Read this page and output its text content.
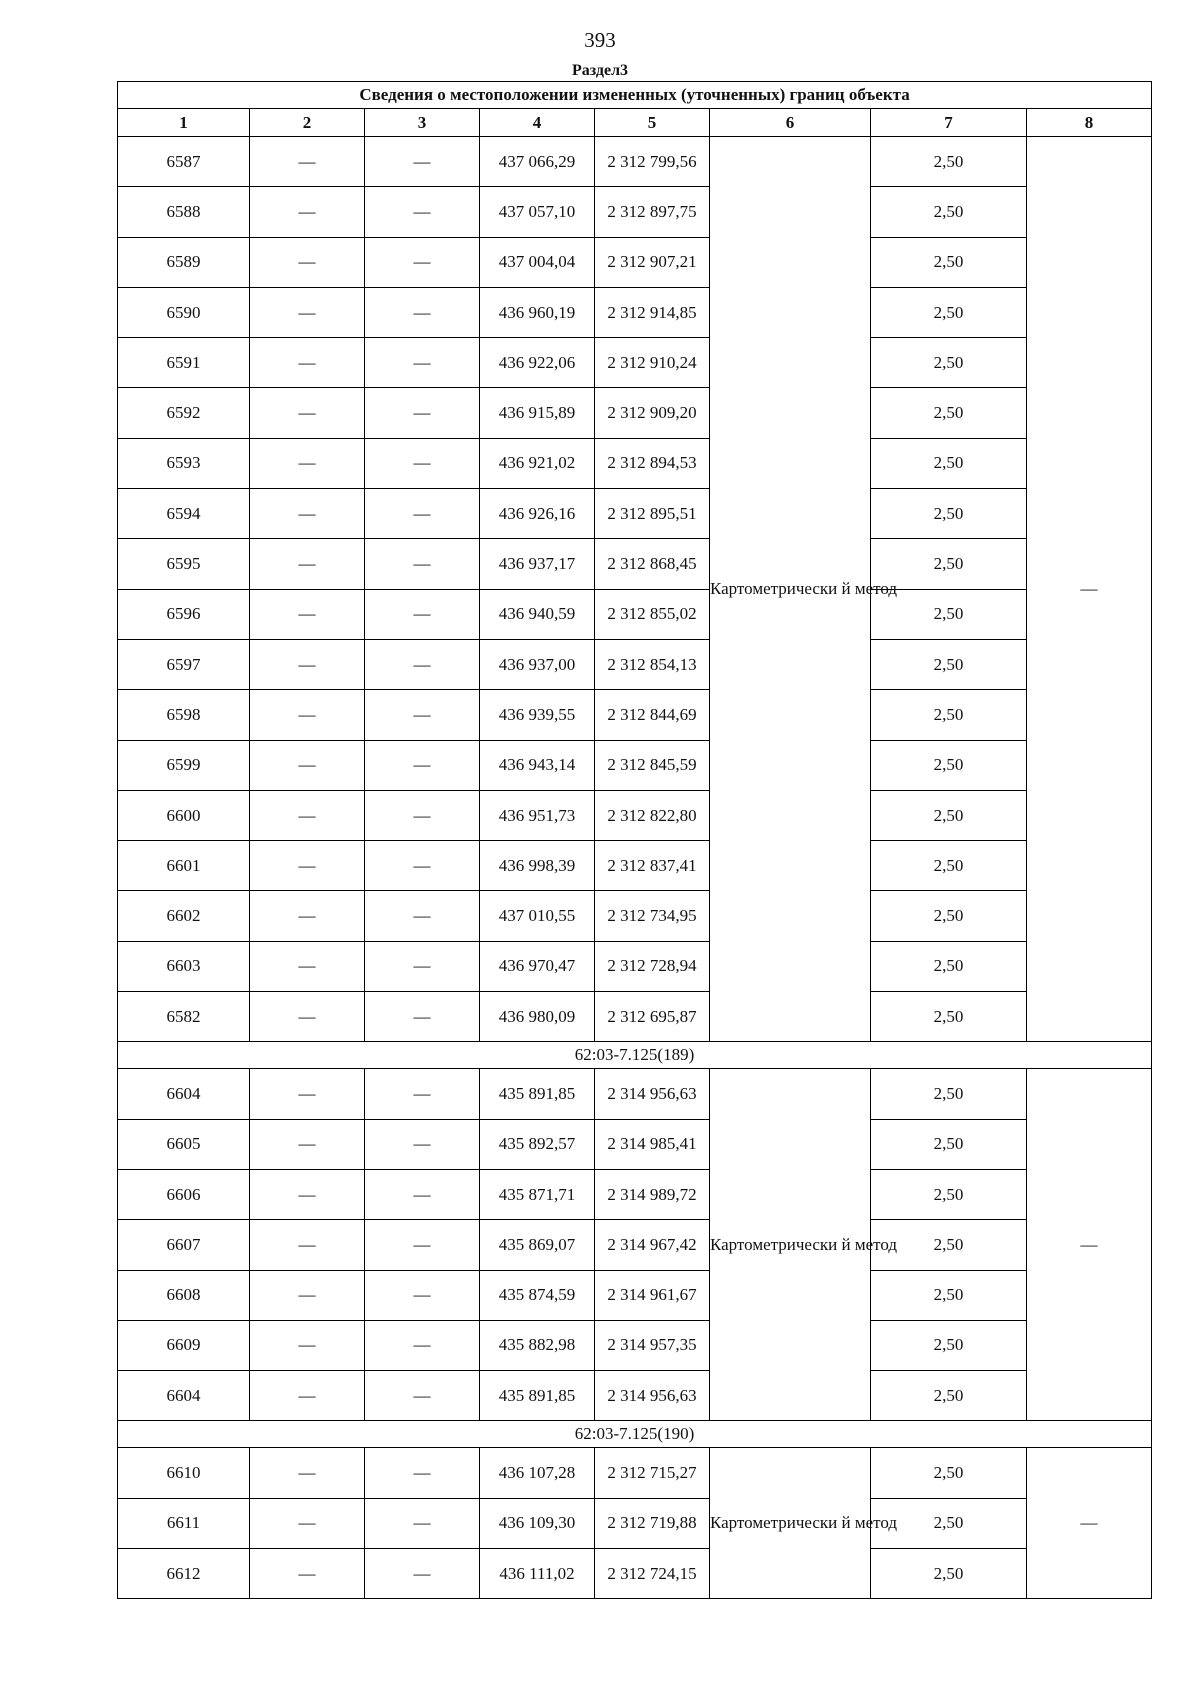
393
Раздел3
Сведения о местоположении измененных (уточненных) границ объекта							
1	2	3	4	5	6	7	8
6587	—	—	437 066,29	2 312 799,56	Картометрически й метод	2,50	—
6588	—	—	437 057,10	2 312 897,75		2,50	
6589	—	—	437 004,04	2 312 907,21		2,50	
6590	—	—	436 960,19	2 312 914,85		2,50	
6591	—	—	436 922,06	2 312 910,24		2,50	
6592	—	—	436 915,89	2 312 909,20		2,50	
6593	—	—	436 921,02	2 312 894,53		2,50	
6594	—	—	436 926,16	2 312 895,51		2,50	
6595	—	—	436 937,17	2 312 868,45		2,50	
6596	—	—	436 940,59	2 312 855,02		2,50	
6597	—	—	436 937,00	2 312 854,13		2,50	
6598	—	—	436 939,55	2 312 844,69		2,50	
6599	—	—	436 943,14	2 312 845,59		2,50	
6600	—	—	436 951,73	2 312 822,80		2,50	
6601	—	—	436 998,39	2 312 837,41		2,50	
6602	—	—	437 010,55	2 312 734,95		2,50	
6603	—	—	436 970,47	2 312 728,94		2,50	
6582	—	—	436 980,09	2 312 695,87		2,50	
62:03-7.125(189)							
6604	—	—	435 891,85	2 314 956,63	Картометрически й метод	2,50	—
6605	—	—	435 892,57	2 314 985,41		2,50	
6606	—	—	435 871,71	2 314 989,72		2,50	
6607	—	—	435 869,07	2 314 967,42		2,50	
6608	—	—	435 874,59	2 314 961,67		2,50	
6609	—	—	435 882,98	2 314 957,35		2,50	
6604	—	—	435 891,85	2 314 956,63		2,50	
62:03-7.125(190)							
6610	—	—	436 107,28	2 312 715,27	Картометрически й метод	2,50	—
6611	—	—	436 109,30	2 312 719,88		2,50	
6612	—	—	436 111,02	2 312 724,15		2,50	
